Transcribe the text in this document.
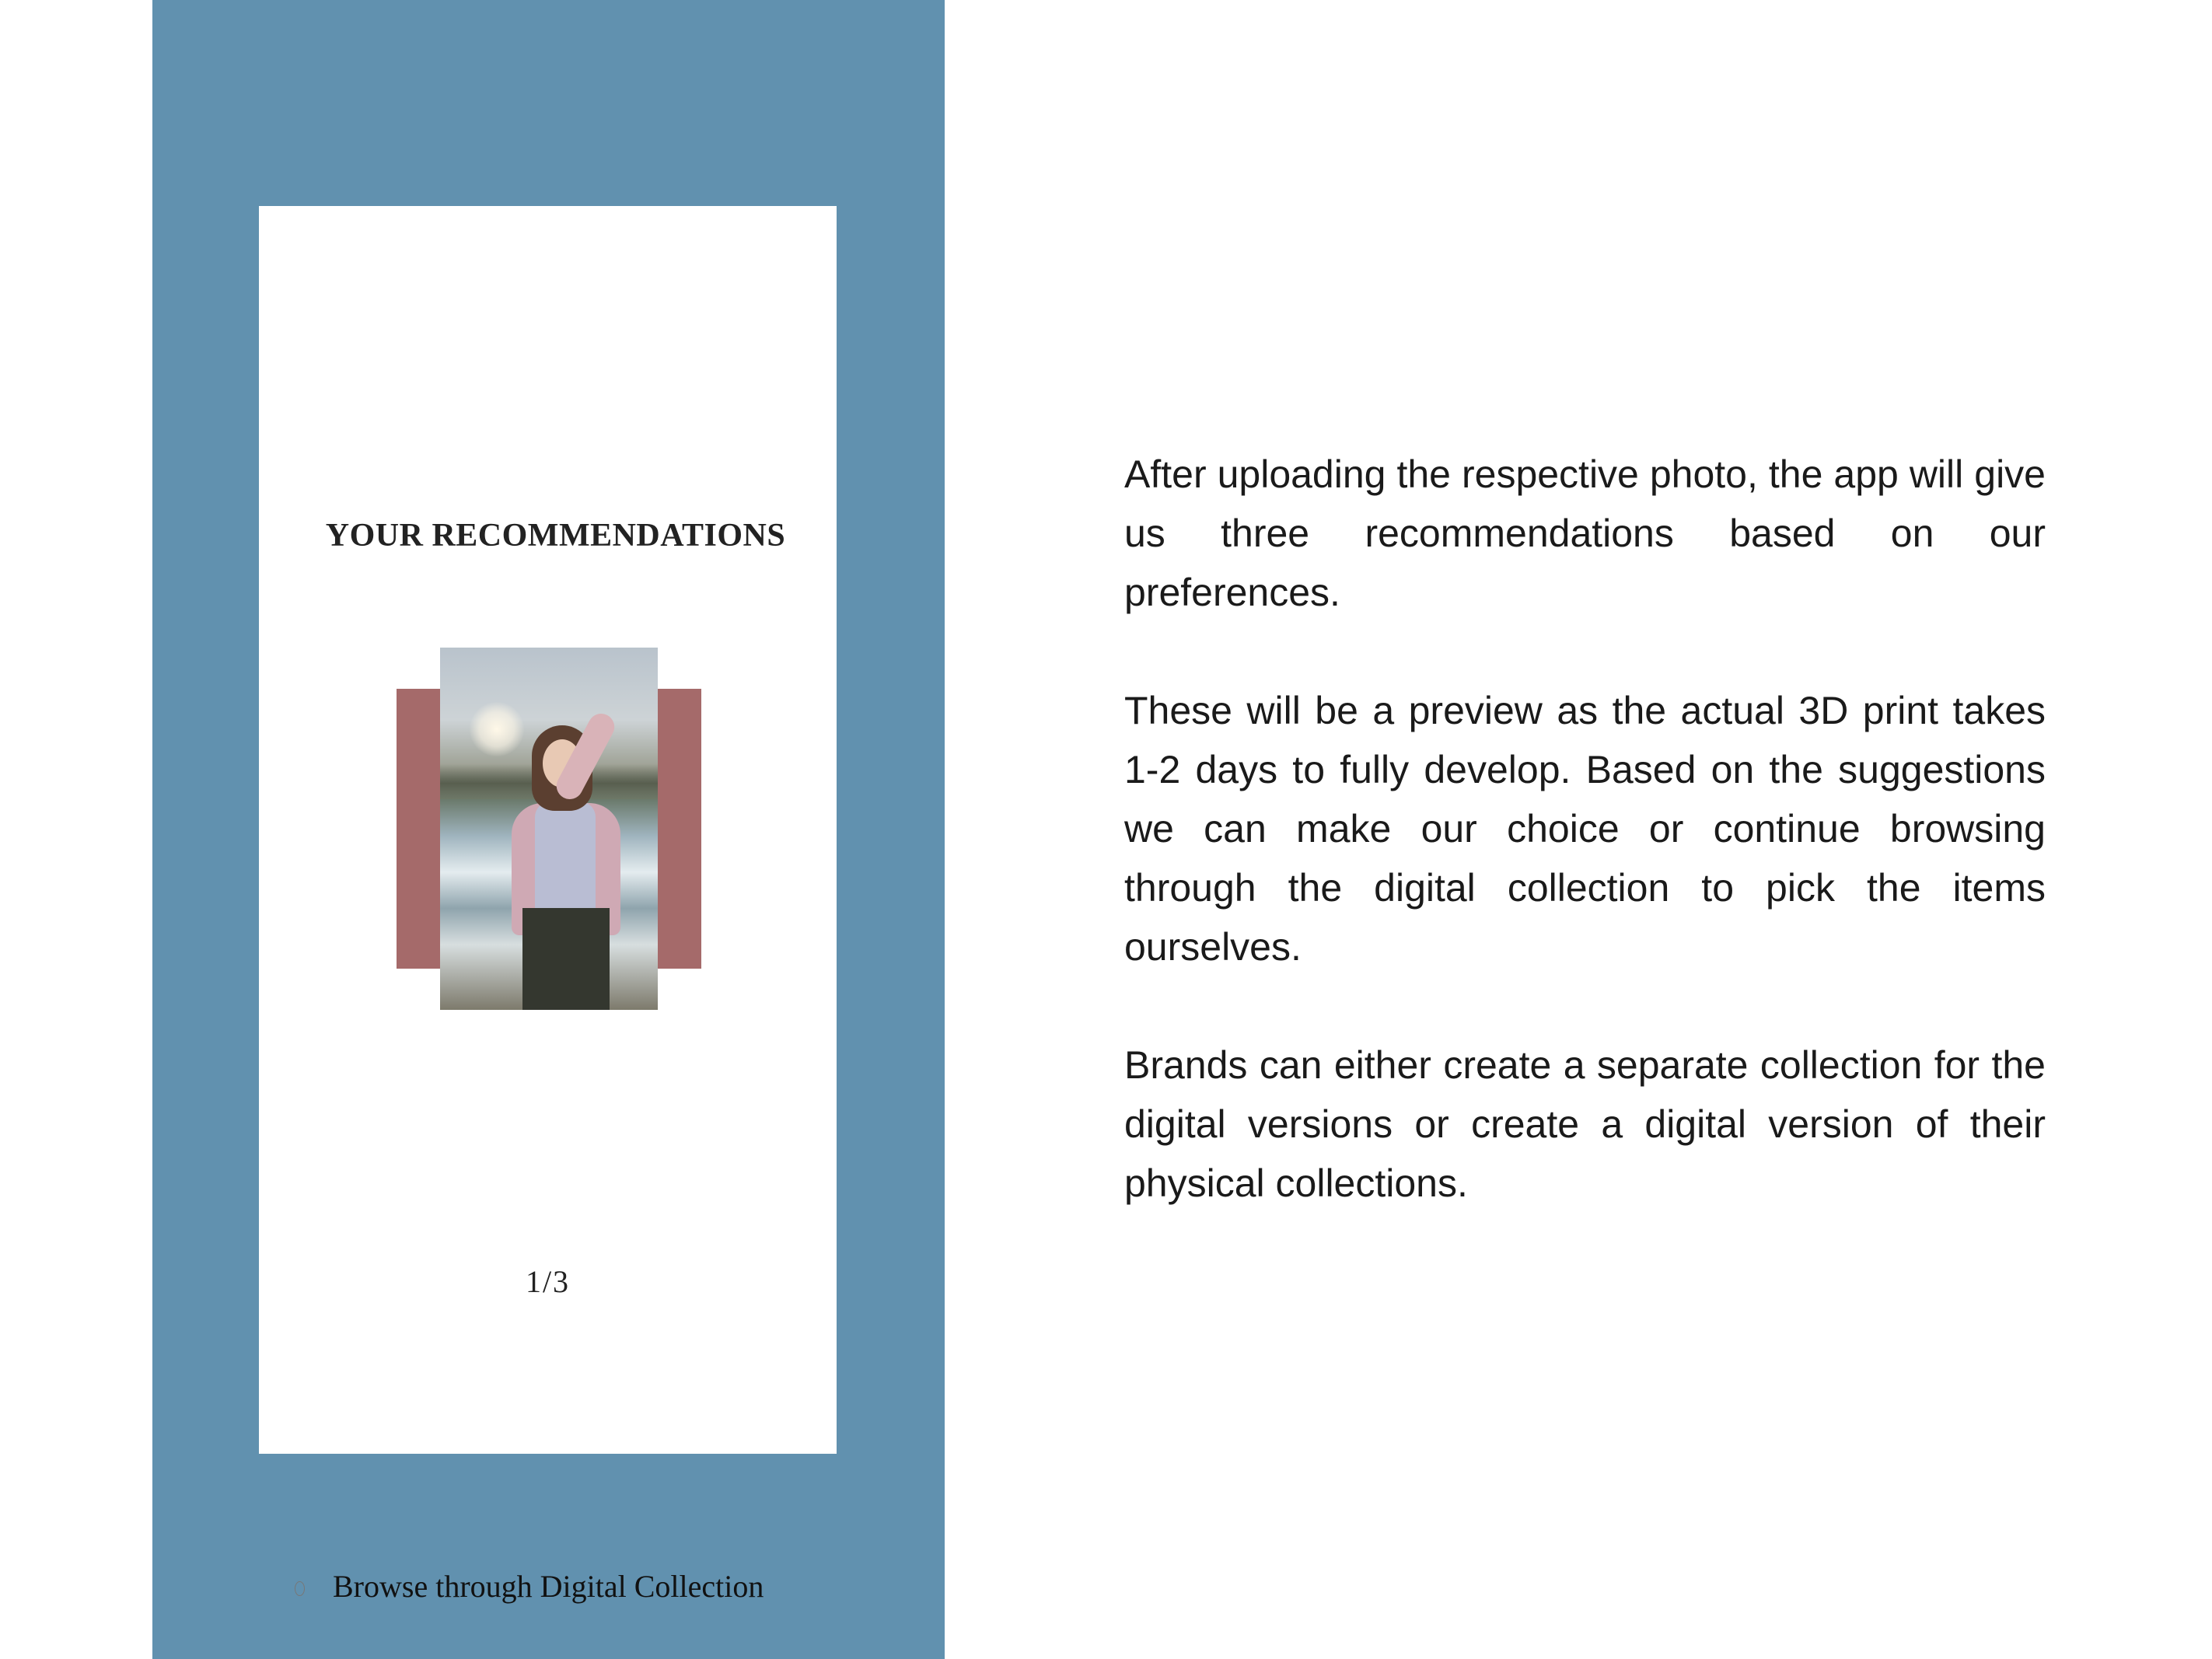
YOUR RECOMMENDATIONS
1/3
Browse through Digital Collection

After uploading the respective photo, the app will give us three recommendations based on our preferences.

These will be a preview as the actual 3D print takes 1-2 days to fully develop. Based on the suggestions we can make our choice or continue browsing through the digital collection to pick the items ourselves.

Brands can either create a separate collection for the digital versions or create a digital version of their physical collections.
